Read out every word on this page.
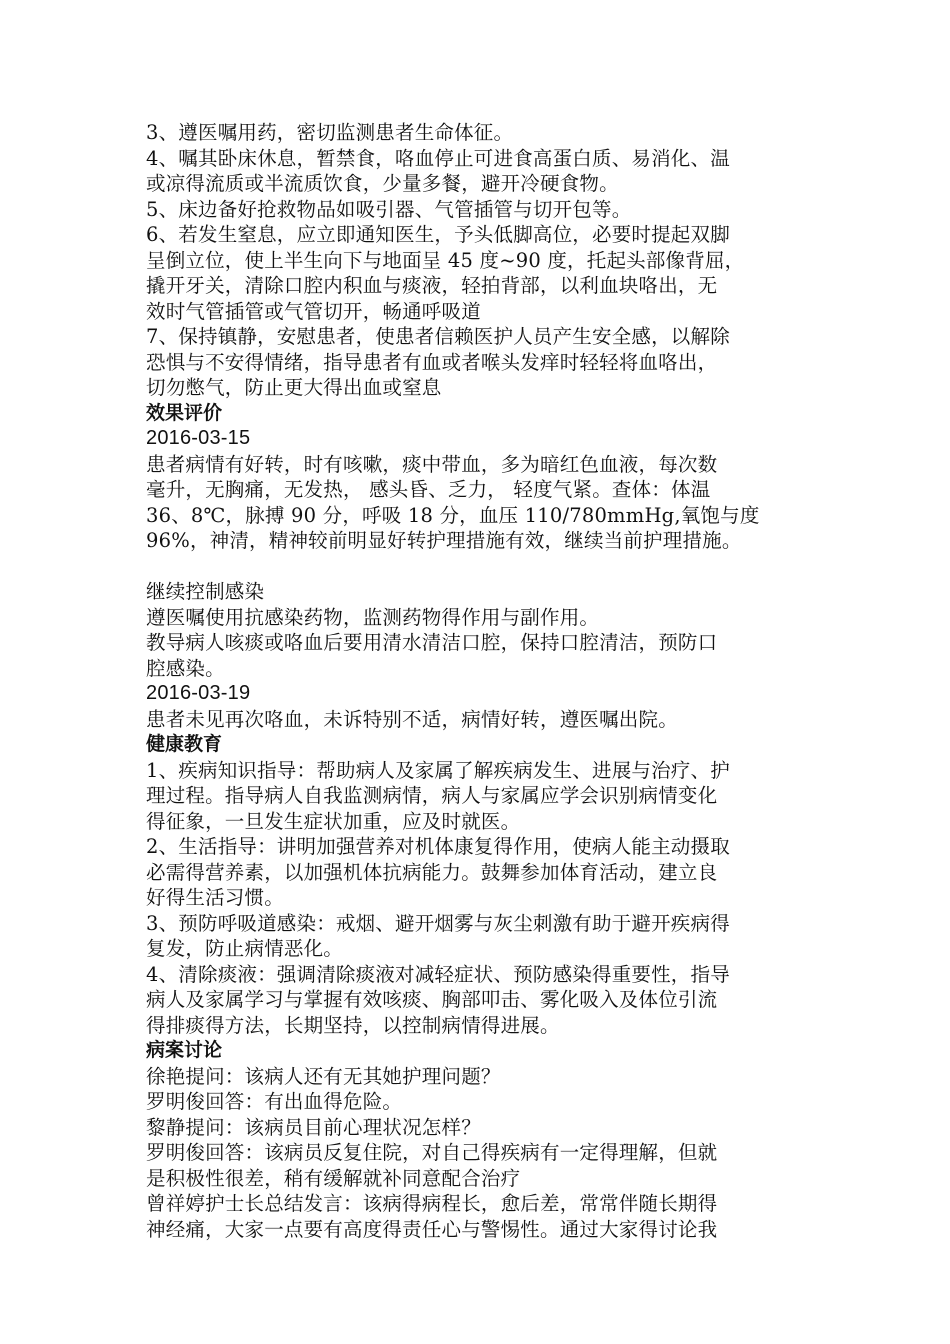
3、遵医嘱用药，密切监测患者生命体征。
4、嘱其卧床休息，暂禁食，咯血停止可进食高蛋白质、易消化、温
或凉得流质或半流质饮食，少量多餐，避开冷硬食物。
5、床边备好抢救物品如吸引器、气管插管与切开包等。
6、若发生窒息，应立即通知医生，予头低脚高位，必要时提起双脚
呈倒立位，使上半生向下与地面呈 45 度~90 度，托起头部像背屈，
撬开牙关，清除口腔内积血与痰液，轻拍背部，以利血块咯出，无
效时气管插管或气管切开，畅通呼吸道
7、保持镇静，安慰患者，使患者信赖医护人员产生安全感，以解除
恐惧与不安得情绪，指导患者有血或者喉头发痒时轻轻将血咯出，
切勿憋气，防止更大得出血或窒息
效果评价
2016-03-15
患者病情有好转，时有咳嗽，痰中带血，多为暗红色血液，每次数
毫升，无胸痛，无发热， 感头昏、乏力， 轻度气紧。查体：体温
36、8℃，脉搏 90 分，呼吸 18 分，血压 110/780mmHg,氧饱与度
96%，神清，精神较前明显好转护理措施有效，继续当前护理措施。
继续控制感染
遵医嘱使用抗感染药物，监测药物得作用与副作用。
教导病人咳痰或咯血后要用清水清洁口腔，保持口腔清洁，预防口
腔感染。
2016-03-19
患者未见再次咯血，未诉特别不适，病情好转，遵医嘱出院。
健康教育
1、疾病知识指导：帮助病人及家属了解疾病发生、进展与治疗、护
理过程。指导病人自我监测病情，病人与家属应学会识别病情变化
得征象，一旦发生症状加重，应及时就医。
2、生活指导：讲明加强营养对机体康复得作用，使病人能主动摄取
必需得营养素，以加强机体抗病能力。鼓舞参加体育活动，建立良
好得生活习惯。
3、预防呼吸道感染：戒烟、避开烟雾与灰尘刺激有助于避开疾病得
复发，防止病情恶化。
4、清除痰液：强调清除痰液对减轻症状、预防感染得重要性，指导
病人及家属学习与掌握有效咳痰、胸部叩击、雾化吸入及体位引流
得排痰得方法，长期坚持，以控制病情得进展。
病案讨论
徐艳提问：该病人还有无其她护理问题？
罗明俊回答：有出血得危险。
黎静提问：该病员目前心理状况怎样？
罗明俊回答：该病员反复住院，对自己得疾病有一定得理解，但就
是积极性很差，稍有缓解就补同意配合治疗
曾祥婷护士长总结发言：该病得病程长，愈后差，常常伴随长期得
神经痛，大家一点要有高度得责任心与警惕性。通过大家得讨论我
